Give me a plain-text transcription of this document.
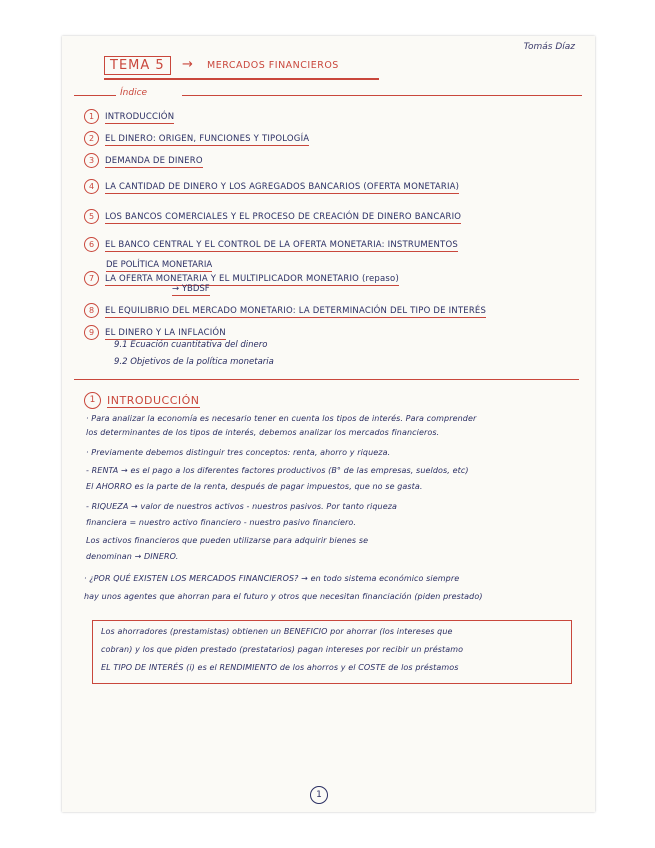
Tomás Díaz
TEMA 5	→ MERCADOS FINANCIEROS
Índice
1 INTRODUCCIÓN
2 EL DINERO: ORIGEN, FUNCIONES Y TIPOLOGÍA
3 DEMANDA DE DINERO
4 LA CANTIDAD DE DINERO Y LOS AGREGADOS BANCARIOS (OFERTA MONETARIA)
5 LOS BANCOS COMERCIALES Y EL PROCESO DE CREACIÓN DE DINERO BANCARIO
6 EL BANCO CENTRAL Y EL CONTROL DE LA OFERTA MONETARIA: INSTRUMENTOS
DE POLÍTICA MONETARIA
7 LA OFERTA MONETARIA Y EL MULTIPLICADOR MONETARIO (repaso)
→ YBDSF
8 EL EQUILIBRIO DEL MERCADO MONETARIO: LA DETERMINACIÓN DEL TIPO DE INTERÉS
9 EL DINERO Y LA INFLACIÓN
9.1 Ecuación cuantitativa del dinero
9.2 Objetivos de la política monetaria
1 INTRODUCCIÓN
· Para analizar la economía es necesario tener en cuenta los tipos de interés. Para comprender
los determinantes de los tipos de interés, debemos analizar los mercados financieros.
· Previamente debemos distinguir tres conceptos: renta, ahorro y riqueza.
- RENTA → es el pago a los diferentes factores productivos (B° de las empresas, sueldos, etc)
El AHORRO es la parte de la renta, después de pagar impuestos, que no se gasta.
- RIQUEZA → valor de nuestros activos - nuestros pasivos. Por tanto riqueza
financiera = nuestro activo financiero - nuestro pasivo financiero.
Los activos financieros que pueden utilizarse para adquirir bienes se
denominan → DINERO.
· ¿POR QUÉ EXISTEN LOS MERCADOS FINANCIEROS? → en todo sistema económico siempre
hay unos agentes que ahorran para el futuro y otros que necesitan financiación (piden prestado)
Los ahorradores (prestamistas) obtienen un BENEFICIO por ahorrar (los intereses que
cobran) y los que piden prestado (prestatarios) pagan intereses por recibir un préstamo
EL TIPO DE INTERÉS (i) es el RENDIMIENTO de los ahorros y el COSTE de los préstamos
1
